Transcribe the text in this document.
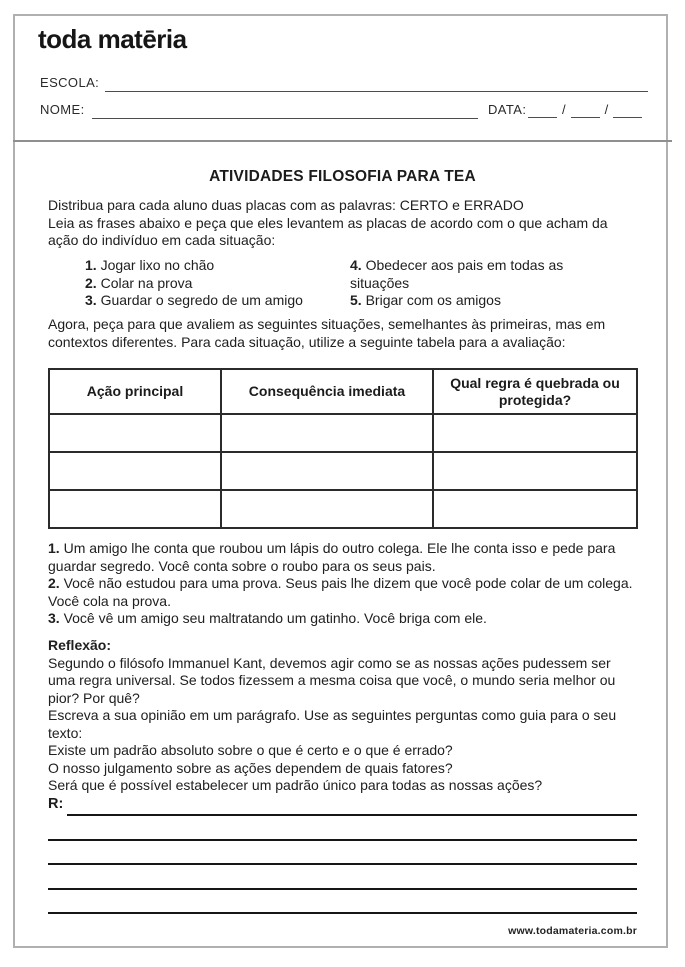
toda matēria
ESCOLA:
NOME:	DATA:	/	/
ATIVIDADES FILOSOFIA PARA TEA
Distribua para cada aluno duas placas com as palavras: CERTO e ERRADO
Leia as frases abaixo e peça que eles levantem as placas de acordo com o que acham da ação do indivíduo em cada situação:
1. Jogar lixo no chão
2. Colar na prova
3. Guardar o segredo de um amigo
4. Obedecer aos pais em todas as situações
5. Brigar com os amigos
Agora, peça para que avaliem as seguintes situações, semelhantes às primeiras, mas em contextos diferentes. Para cada situação, utilize a seguinte tabela para a avaliação:
Ação principal	Consequência imediata	Qual regra é quebrada ou protegida?

1. Um amigo lhe conta que roubou um lápis do outro colega. Ele lhe conta isso e pede para guardar segredo. Você conta sobre o roubo para os seus pais.
2. Você não estudou para uma prova. Seus pais lhe dizem que você pode colar de um colega. Você cola na prova.
3. Você vê um amigo seu maltratando um gatinho. Você briga com ele.
Reflexão:
Segundo o filósofo Immanuel Kant, devemos agir como se as nossas ações pudessem ser uma regra universal. Se todos fizessem a mesma coisa que você, o mundo seria melhor ou pior? Por quê?
Escreva a sua opinião em um parágrafo. Use as seguintes perguntas como guia para o seu texto:
Existe um padrão absoluto sobre o que é certo e o que é errado?
O nosso julgamento sobre as ações dependem de quais fatores?
Será que é possível estabelecer um padrão único para todas as nossas ações?
R:
www.todamateria.com.br
